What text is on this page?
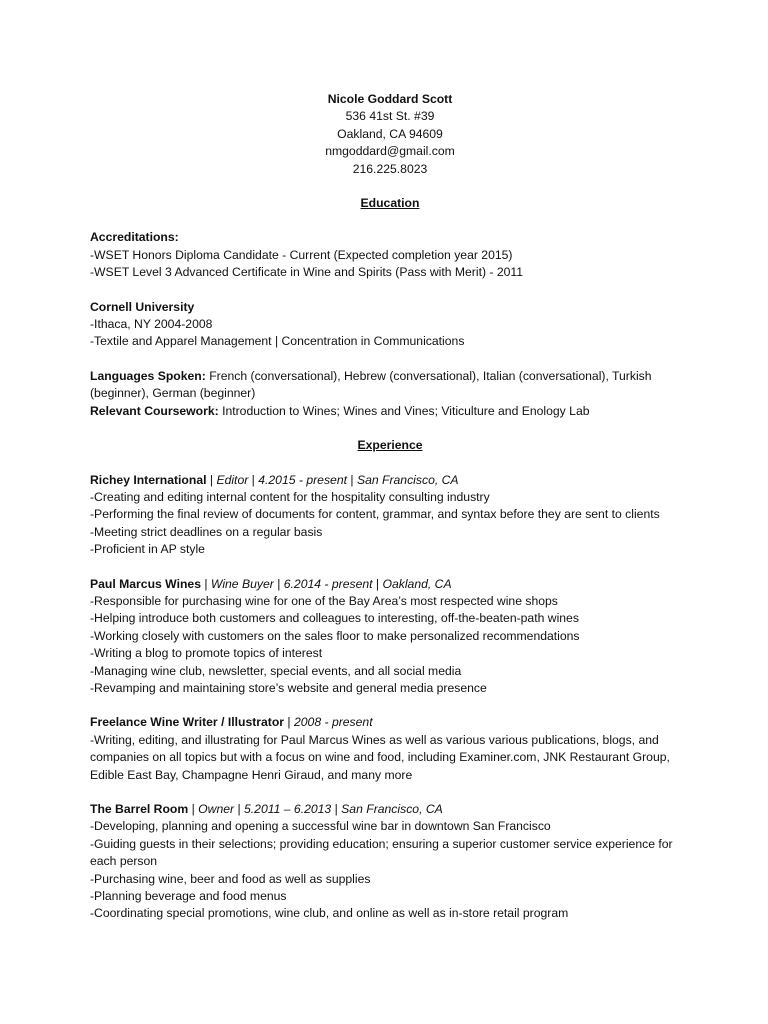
Nicole Goddard Scott
536 41st St. #39
Oakland, CA 94609
nmgoddard@gmail.com
216.225.8023
Education
Accreditations:
-WSET Honors Diploma Candidate - Current (Expected completion year 2015)
-WSET Level 3 Advanced Certificate in Wine and Spirits (Pass with Merit) - 2011
Cornell University
-Ithaca, NY 2004-2008
-Textile and Apparel Management | Concentration in Communications
Languages Spoken: French (conversational), Hebrew (conversational), Italian (conversational), Turkish (beginner), German (beginner)
Relevant Coursework: Introduction to Wines; Wines and Vines; Viticulture and Enology Lab
Experience
Richey International | Editor | 4.2015 - present | San Francisco, CA
-Creating and editing internal content for the hospitality consulting industry
-Performing the final review of documents for content, grammar, and syntax before they are sent to clients
-Meeting strict deadlines on a regular basis
-Proficient in AP style
Paul Marcus Wines | Wine Buyer | 6.2014 - present | Oakland, CA
-Responsible for purchasing wine for one of the Bay Area’s most respected wine shops
-Helping introduce both customers and colleagues to interesting, off-the-beaten-path wines
-Working closely with customers on the sales floor to make personalized recommendations
-Writing a blog to promote topics of interest
-Managing wine club, newsletter, special events, and all social media
-Revamping and maintaining store’s website and general media presence
Freelance Wine Writer / Illustrator | 2008 - present
-Writing, editing, and illustrating for Paul Marcus Wines as well as various various publications, blogs, and companies on all topics but with a focus on wine and food, including Examiner.com, JNK Restaurant Group, Edible East Bay, Champagne Henri Giraud, and many more
The Barrel Room | Owner | 5.2011 – 6.2013 | San Francisco, CA
-Developing, planning and opening a successful wine bar in downtown San Francisco
-Guiding guests in their selections; providing education; ensuring a superior customer service experience for each person
-Purchasing wine, beer and food as well as supplies
-Planning beverage and food menus
-Coordinating special promotions, wine club, and online as well as in-store retail program
